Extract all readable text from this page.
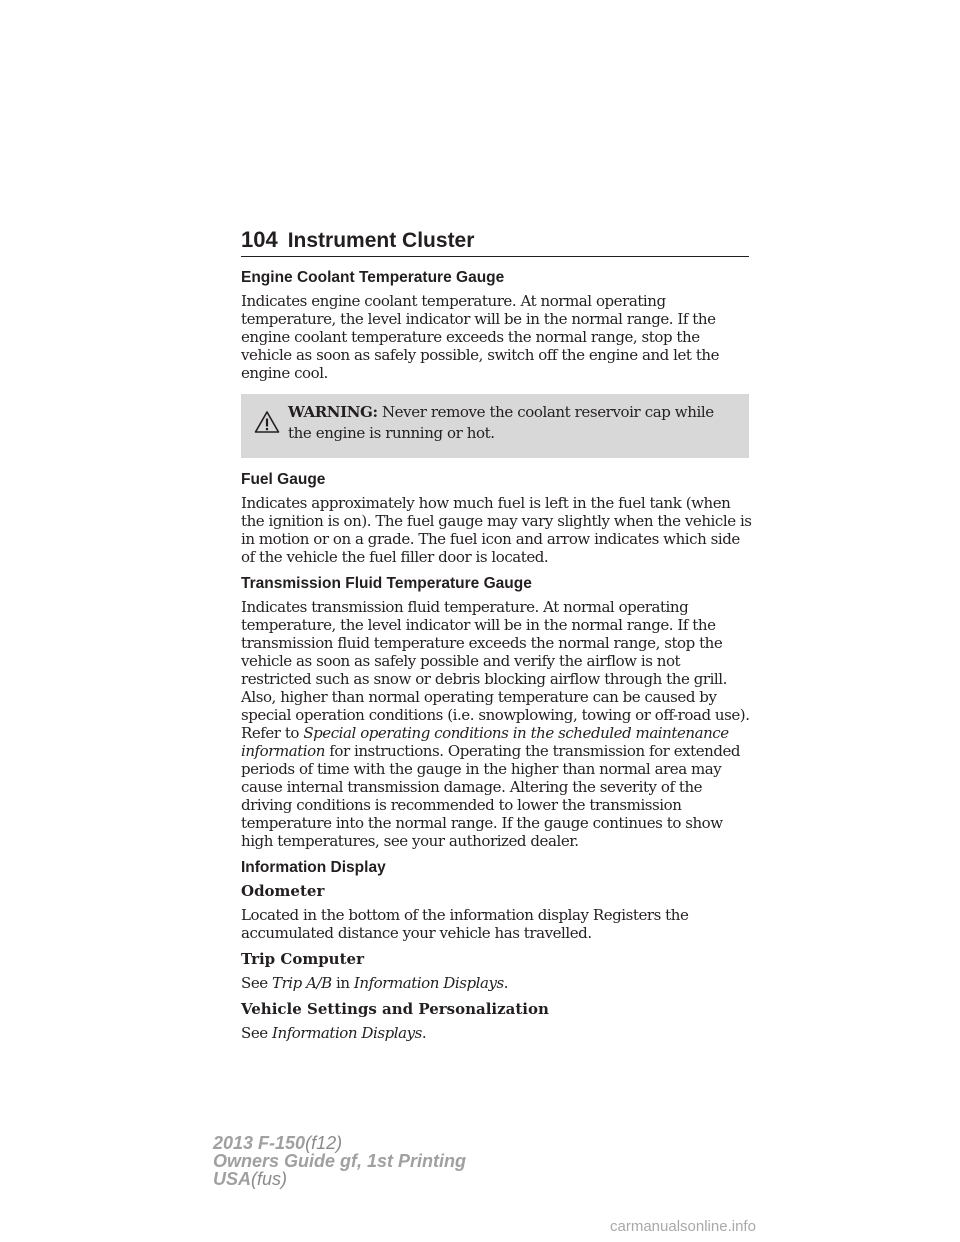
104 Instrument Cluster
Engine Coolant Temperature Gauge

Indicates engine coolant temperature. At normal operating temperature, the level indicator will be in the normal range. If the engine coolant temperature exceeds the normal range, stop the vehicle as soon as safely possible, switch off the engine and let the engine cool.

WARNING: Never remove the coolant reservoir cap while the engine is running or hot.
Fuel Gauge

Indicates approximately how much fuel is left in the fuel tank (when the ignition is on). The fuel gauge may vary slightly when the vehicle is in motion or on a grade. The fuel icon and arrow indicates which side of the vehicle the fuel filler door is located.

Transmission Fluid Temperature Gauge

Indicates transmission fluid temperature. At normal operating temperature, the level indicator will be in the normal range. If the transmission fluid temperature exceeds the normal range, stop the vehicle as soon as safely possible and verify the airflow is not restricted such as snow or debris blocking airflow through the grill. Also, higher than normal operating temperature can be caused by special operation conditions (i.e. snowplowing, towing or off-road use). Refer to Special operating conditions in the scheduled maintenance information for instructions. Operating the transmission for extended periods of time with the gauge in the higher than normal area may cause internal transmission damage. Altering the severity of the driving conditions is recommended to lower the transmission temperature into the normal range. If the gauge continues to show high temperatures, see your authorized dealer.

Information Display
Odometer

Located in the bottom of the information display Registers the accumulated distance your vehicle has travelled.

Trip Computer

See Trip A/B in Information Displays.

Vehicle Settings and Personalization

See Information Displays.

2013 F-150(f12)
Owners Guide gf, 1st Printing
USA(fus)
carmanualsonline.info
